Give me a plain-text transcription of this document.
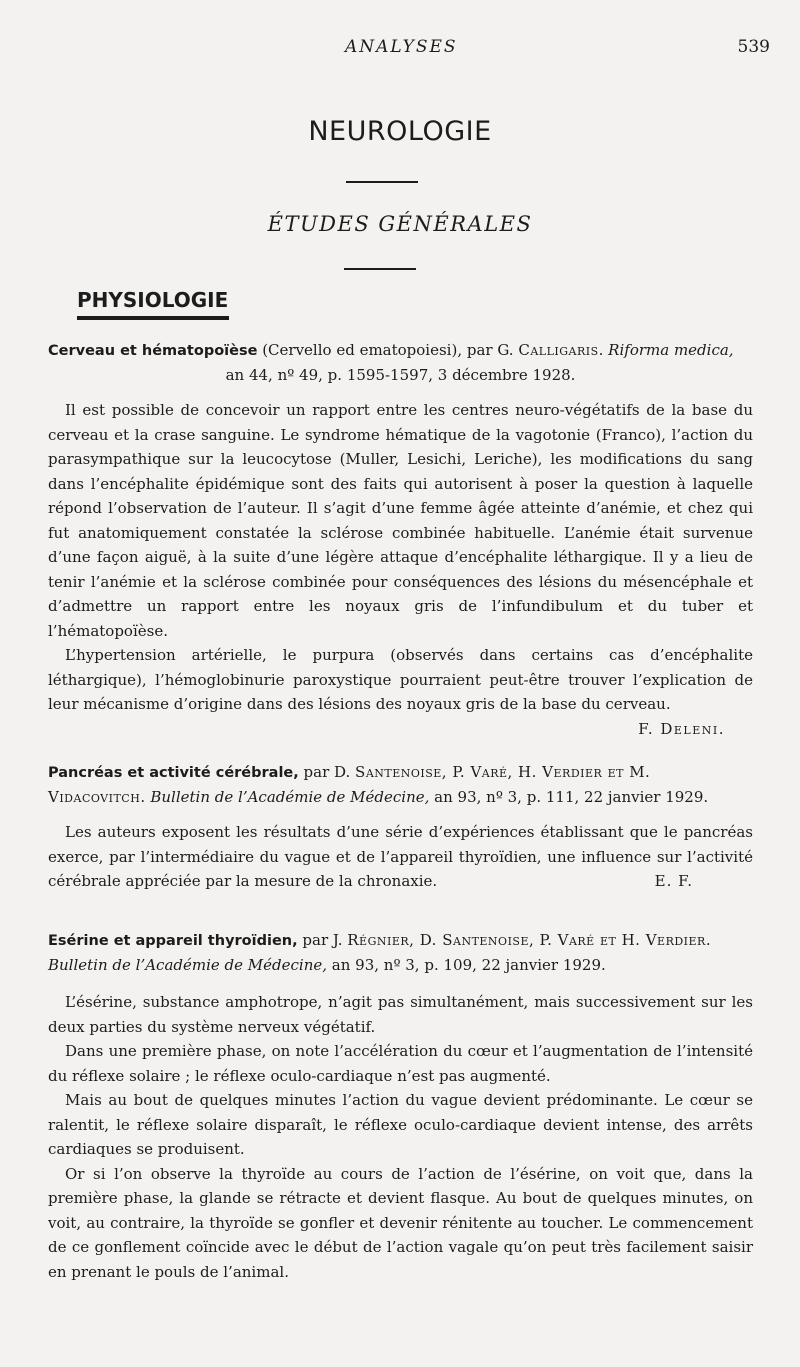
ANALYSES	539
NEUROLOGIE
ÉTUDES GÉNÉRALES
PHYSIOLOGIE
Cerveau et hématopoïèse (Cervello ed ematopoiesi), par G. Calligaris. Riforma medica,
an 44, nº 49, p. 1595-1597, 3 décembre 1928.

Il est possible de concevoir un rapport entre les centres neuro-végétatifs de la base du cerveau et la crase sanguine. Le syndrome hématique de la vagotonie (Franco), l’action du parasympathique sur la leucocytose (Muller, Lesichi, Leriche), les modifications du sang dans l’encéphalite épidémique sont des faits qui autorisent à poser la question à laquelle répond l’observation de l’auteur. Il s’agit d’une femme âgée atteinte d’anémie, et chez qui fut anatomiquement constatée la sclérose combinée habituelle. L’anémie était survenue d’une façon aiguë, à la suite d’une légère attaque d’encéphalite léthargique. Il y a lieu de tenir l’anémie et la sclérose combinée pour conséquences des lésions du mésencéphale et d’admettre un rapport entre les noyaux gris de l’infundibulum et du tuber et l’hématopoïèse.

L’hypertension artérielle, le purpura (observés dans certains cas d’encéphalite léthargique), l’hémoglobinurie paroxystique pourraient peut-être trouver l’explication de leur mécanisme d’origine dans des lésions des noyaux gris de la base du cerveau.

F. Deleni.
Pancréas et activité cérébrale, par D. Santenoise, P. Varé, H. Verdier et M. Vidacovitch. Bulletin de l’Académie de Médecine, an 93, nº 3, p. 111, 22 janvier 1929.

Les auteurs exposent les résultats d’une série d’expériences établissant que le pancréas exerce, par l’intermédiaire du vague et de l’appareil thyroïdien, une influence sur l’activité cérébrale appréciée par la mesure de la chronaxie.	E. F.

Esérine et appareil thyroïdien, par J. Régnier, D. Santenoise, P. Varé et H. Verdier. Bulletin de l’Académie de Médecine, an 93, nº 3, p. 109, 22 janvier 1929.

L’ésérine, substance amphotrope, n’agit pas simultanément, mais successivement sur les deux parties du système nerveux végétatif.

Dans une première phase, on note l’accélération du cœur et l’augmentation de l’intensité du réflexe solaire ; le réflexe oculo-cardiaque n’est pas augmenté.

Mais au bout de quelques minutes l’action du vague devient prédominante. Le cœur se ralentit, le réflexe solaire disparaît, le réflexe oculo-cardiaque devient intense, des arrêts cardiaques se produisent.

Or si l’on observe la thyroïde au cours de l’action de l’ésérine, on voit que, dans la première phase, la glande se rétracte et devient flasque. Au bout de quelques minutes, on voit, au contraire, la thyroïde se gonfler et devenir rénitente au toucher. Le commencement de ce gonflement coïncide avec le début de l’action vagale qu’on peut très facilement saisir en prenant le pouls de l’animal.
